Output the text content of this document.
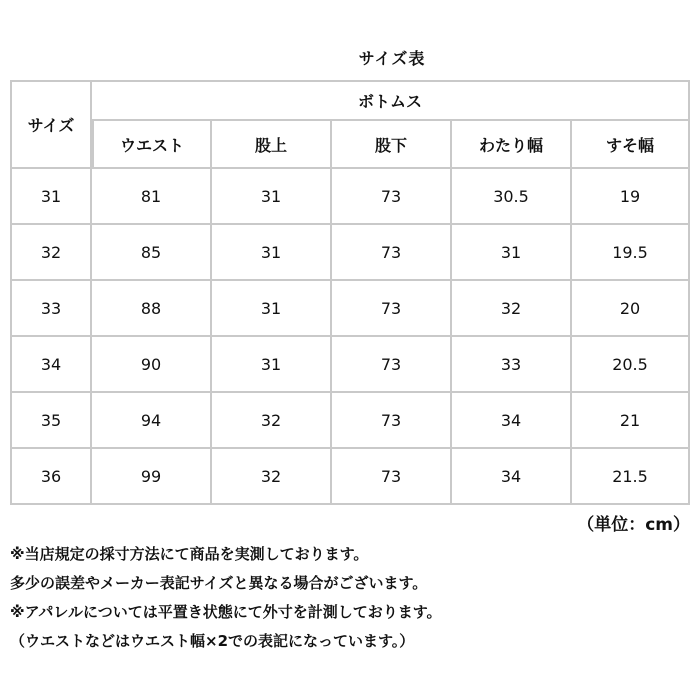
サイズ表
サイズ	ボトムス				
	ウエスト	股上	股下	わたり幅	すそ幅
31	81	31	73	30.5	19
32	85	31	73	31	19.5
33	88	31	73	32	20
34	90	31	73	33	20.5
35	94	32	73	34	21
36	99	32	73	34	21.5
（単位：cm）
※当店規定の採寸方法にて商品を実測しております。
多少の誤差やメーカー表記サイズと異なる場合がございます。
※アパレルについては平置き状態にて外寸を計測しております。
（ウエストなどはウエスト幅×2での表記になっています。）
